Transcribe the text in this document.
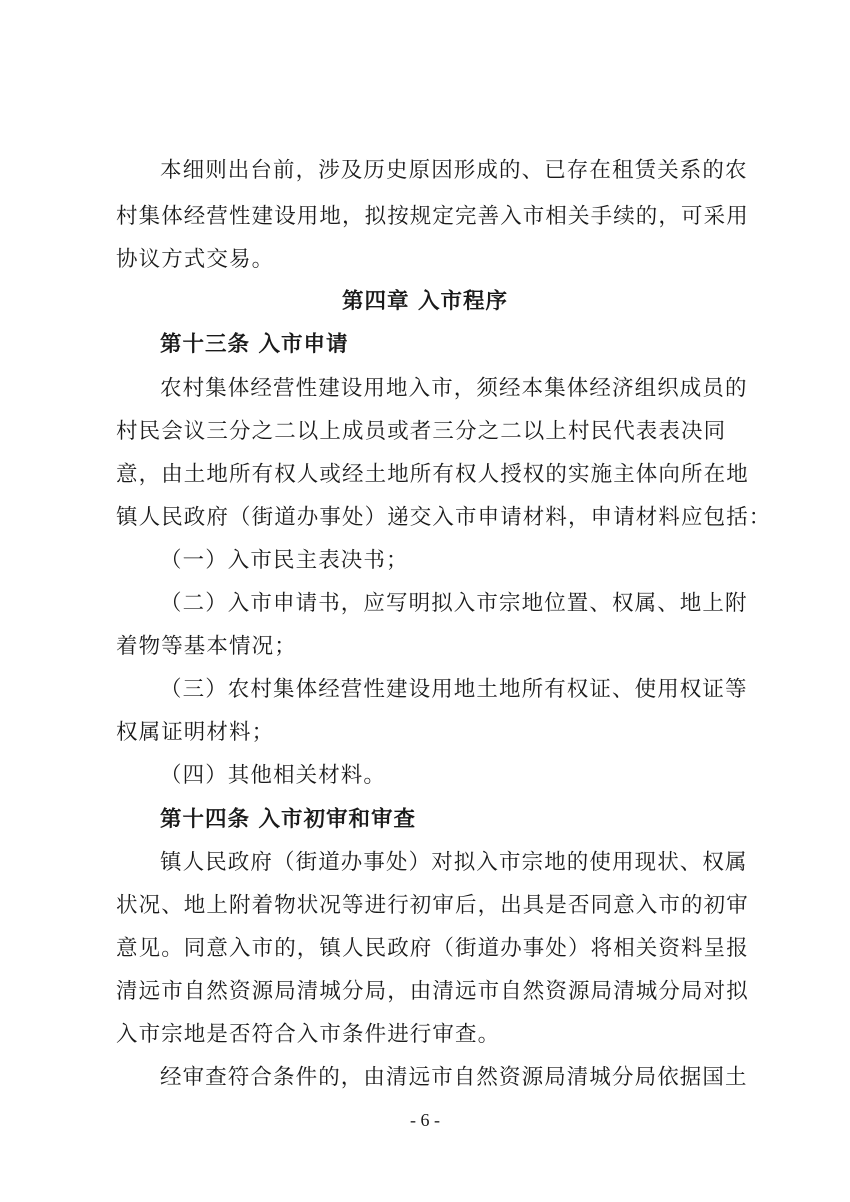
本细则出台前，涉及历史原因形成的、已存在租赁关系的农
村集体经营性建设用地，拟按规定完善入市相关手续的，可采用
协议方式交易。
第四章 入市程序
第十三条 入市申请
农村集体经营性建设用地入市，须经本集体经济组织成员的
村民会议三分之二以上成员或者三分之二以上村民代表表决同
意，由土地所有权人或经土地所有权人授权的实施主体向所在地
镇人民政府（街道办事处）递交入市申请材料，申请材料应包括：
（一）入市民主表决书；
（二）入市申请书，应写明拟入市宗地位置、权属、地上附
着物等基本情况；
（三）农村集体经营性建设用地土地所有权证、使用权证等
权属证明材料；
（四）其他相关材料。
第十四条 入市初审和审查
镇人民政府（街道办事处）对拟入市宗地的使用现状、权属
状况、地上附着物状况等进行初审后，出具是否同意入市的初审
意见。同意入市的，镇人民政府（街道办事处）将相关资料呈报
清远市自然资源局清城分局，由清远市自然资源局清城分局对拟
入市宗地是否符合入市条件进行审查。
经审查符合条件的，由清远市自然资源局清城分局依据国土
- 6 -
